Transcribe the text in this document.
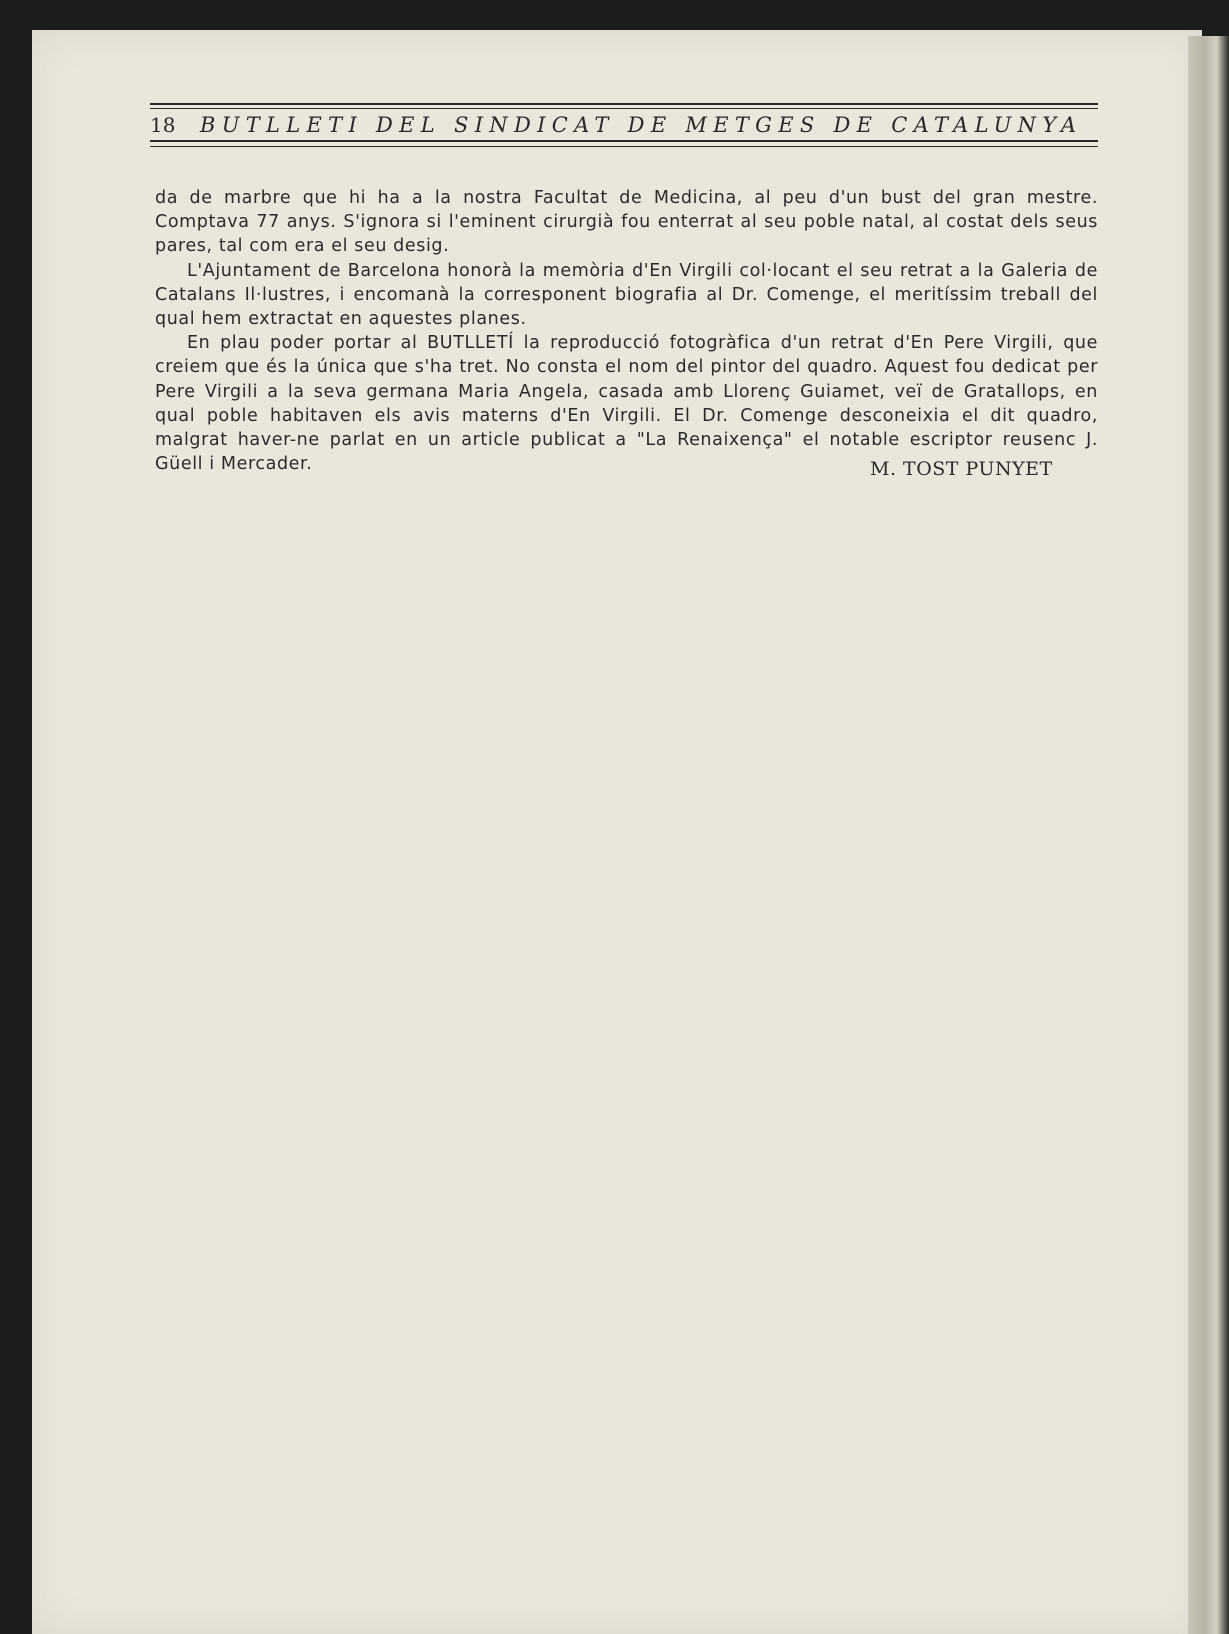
18	BUTLLETI DEL SINDICAT DE METGES DE CATALUNYA

da de marbre que hi ha a la nostra Facultat de Medicina, al peu d'un bust del gran mestre. Comptava 77 anys. S'ignora si l'eminent cirurgià fou enterrat al seu poble natal, al costat dels seus pares, tal com era el seu desig.

L'Ajuntament de Barcelona honorà la memòria d'En Virgili col·locant el seu retrat a la Galeria de Catalans Il·lustres, i encomanà la corresponent biografia al Dr. Comenge, el meritíssim treball del qual hem extractat en aquestes planes.

En plau poder portar al BUTLLETÍ la reproducció fotogràfica d'un retrat d'En Pere Virgili, que creiem que és la única que s'ha tret. No consta el nom del pintor del quadro. Aquest fou dedicat per Pere Virgili a la seva germana Maria Angela, casada amb Llorenç Guiamet, veï de Gratallops, en qual poble habitaven els avis materns d'En Virgili. El Dr. Comenge desconeixia el dit quadro, malgrat haver-ne parlat en un article publicat a "La Renaixença" el notable escriptor reusenc J. Güell i Mercader.	M. TOST PUNYET
